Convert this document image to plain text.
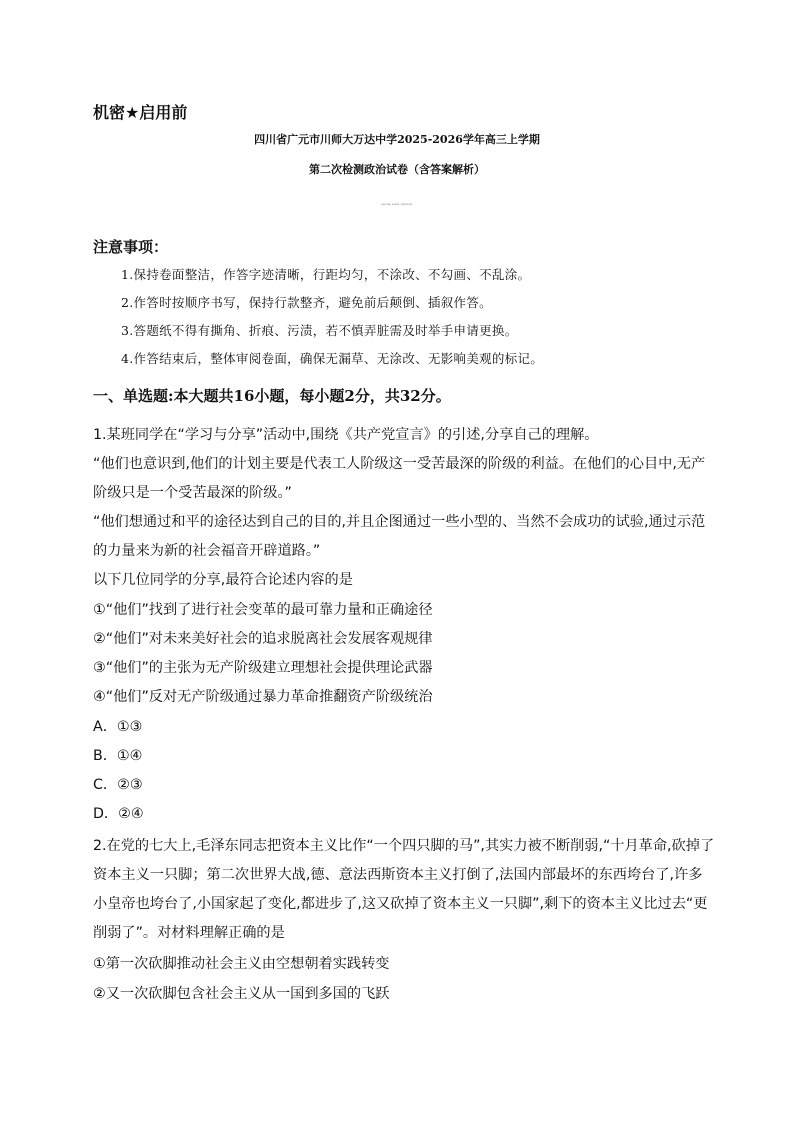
机密★启用前
四川省广元市川师大万达中学2025-2026学年高三上学期
第二次检测政治试卷（含答案解析）
本试卷共21题，满分100分。考试时间75分钟。
注意事项：
1.保持卷面整洁，作答字迹清晰，行距均匀，不涂改、不勾画、不乱涂。
2.作答时按顺序书写，保持行款整齐，避免前后颠倒、插叙作答。
3.答题纸不得有撕角、折痕、污渍，若不慎弄脏需及时举手申请更换。
4.作答结束后，整体审阅卷面，确保无漏草、无涂改、无影响美观的标记。
一、单选题:本大题共16小题，每小题2分，共32分。
1.某班同学在“学习与分享”活动中,围绕《共产党宣言》的引述,分享自己的理解。
“他们也意识到,他们的计划主要是代表工人阶级这一受苦最深的阶级的利益。在他们的心目中,无产
阶级只是一个受苦最深的阶级。”
“他们想通过和平的途径达到自己的目的,并且企图通过一些小型的、当然不会成功的试验,通过示范
的力量来为新的社会福音开辟道路。”
以下几位同学的分享,最符合论述内容的是
①“他们”找到了进行社会变革的最可靠力量和正确途径
②“他们”对未来美好社会的追求脱离社会发展客观规律
③“他们”的主张为无产阶级建立理想社会提供理论武器
④“他们”反对无产阶级通过暴力革命推翻资产阶级统治
A．①③
B．①④
C．②③
D．②④
2.在党的七大上,毛泽东同志把资本主义比作“一个四只脚的马”,其实力被不断削弱,“十月革命,砍掉了
资本主义一只脚；第二次世界大战,德、意法西斯资本主义打倒了,法国内部最坏的东西垮台了,许多
小皇帝也垮台了,小国家起了变化,都进步了,这又砍掉了资本主义一只脚”,剩下的资本主义比过去“更
削弱了”。对材料理解正确的是
①第一次砍脚推动社会主义由空想朝着实践转变
②又一次砍脚包含社会主义从一国到多国的飞跃
